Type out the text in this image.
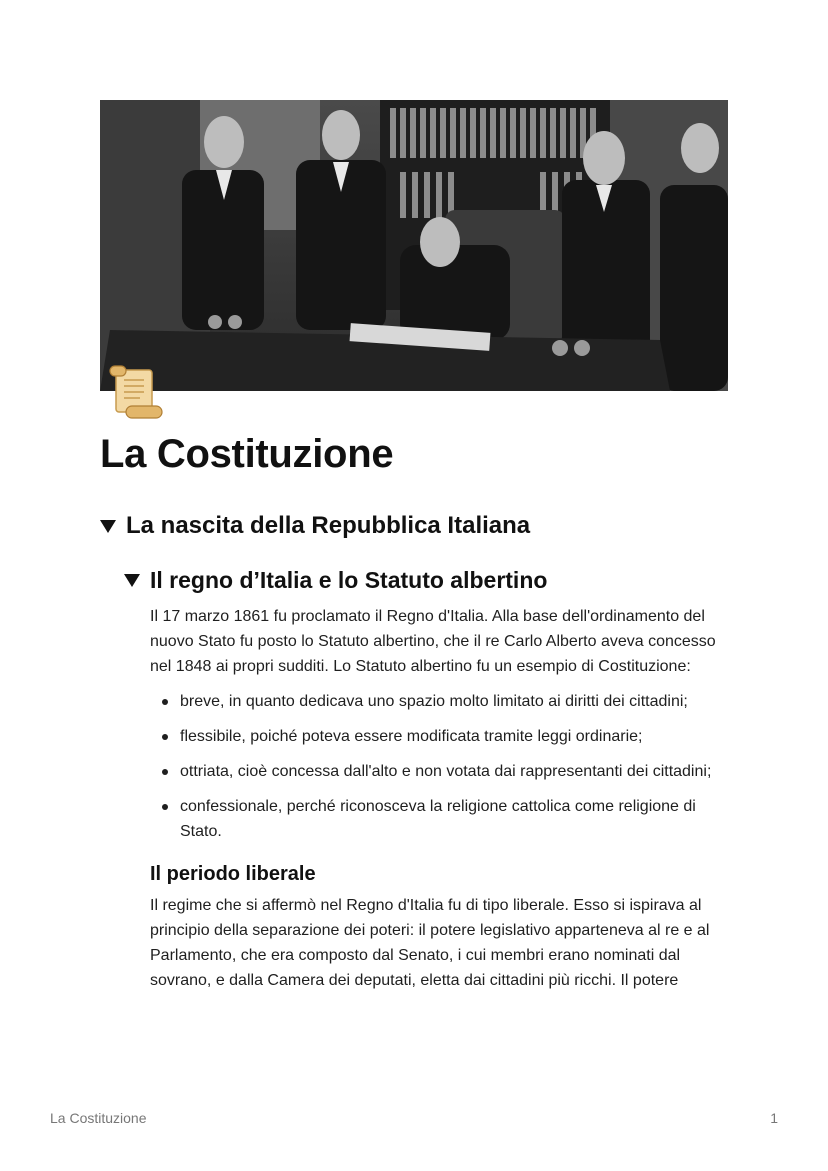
La Costituzione
La nascita della Repubblica Italiana
Il regno d’Italia e lo Statuto albertino

Il 17 marzo 1861 fu proclamato il Regno d'Italia. Alla base dell'ordinamento del nuovo Stato fu posto lo Statuto albertino, che il re Carlo Alberto aveva concesso nel 1848 ai propri sudditi. Lo Statuto albertino fu un esempio di Costituzione:

breve, in quanto dedicava uno spazio molto limitato ai diritti dei cittadini;
flessibile, poiché poteva essere modificata tramite leggi ordinarie;
ottriata, cioè concessa dall'alto e non votata dai rappresentanti dei cittadini;
confessionale, perché riconosceva la religione cattolica come religione di Stato.
Il periodo liberale

Il regime che si affermò nel Regno d'Italia fu di tipo liberale. Esso si ispirava al principio della separazione dei poteri: il potere legislativo apparteneva al re e al Parlamento, che era composto dal Senato, i cui membri erano nominati dal sovrano, e dalla Camera dei deputati, eletta dai cittadini più ricchi. Il potere

La Costituzione	1
